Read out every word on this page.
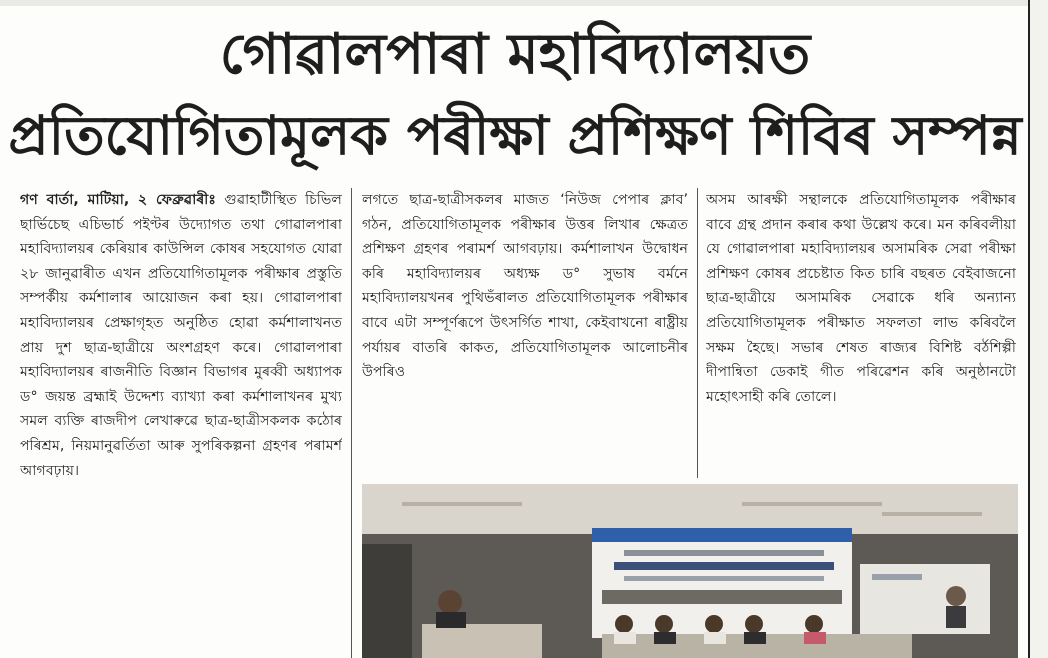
গোৱালপাৰা মহাবিদ্যালয়ত
প্ৰতিযোগিতামূলক পৰীক্ষা প্ৰশিক্ষণ শিবিৰ সম্পন্ন
গণ বাৰ্তা, মাটিয়া, ২ ফেব্ৰুৱাৰীঃ গুৱাহাটীস্থিত চিভিল ছাৰ্ভিচেছ এচিভাৰ্চ পইণ্টৰ উদ্যোগত তথা গোৱালপাৰা মহাবিদ্যালয়ৰ কেৰিয়াৰ কাউন্সিল কোষৰ সহযোগত যোৱা ২৮ জানুৱাৰীত এখন প্ৰতিযোগিতামূলক পৰীক্ষাৰ প্ৰস্তুতি সম্পৰ্কীয় কৰ্মশালাৰ আয়োজন কৰা হয়। গোৱালপাৰা মহাবিদ্যালয়ৰ প্ৰেক্ষাগৃহত অনুষ্ঠিত হোৱা কৰ্মশালাখনত প্ৰায় দুশ ছাত্ৰ-ছাত্ৰীয়ে অংশগ্ৰহণ কৰে। গোৱালপাৰা মহাবিদ্যালয়ৰ ৰাজনীতি বিজ্ঞান বিভাগৰ মুৰব্বী অধ্যাপক ড° জয়ন্ত ব্ৰহ্মাই উদ্দেশ্য ব্যাখ্যা কৰা কৰ্মশালাখনৰ মুখ্য সমল ব্যক্তি ৰাজদীপ লেখাৰুৱে ছাত্ৰ-ছাত্ৰীসকলক কঠোৰ পৰিশ্ৰম, নিয়মানুৱৰ্তিতা আৰু সুপৰিকল্পনা গ্ৰহণৰ পৰামৰ্শ আগবঢ়ায়।
লগতে ছাত্ৰ-ছাত্ৰীসকলৰ মাজত ‘নিউজ পেপাৰ ক্লাব’ গঠন, প্ৰতিযোগিতামূলক পৰীক্ষাৰ উত্তৰ লিখাৰ ক্ষেত্ৰত প্ৰশিক্ষণ গ্ৰহণৰ পৰামৰ্শ আগবঢ়ায়। কৰ্মশালাখন উদ্বোধন কৰি মহাবিদ্যালয়ৰ অধ্যক্ষ ড° সুভাষ বৰ্মনে মহাবিদ্যালয়খনৰ পুথিভঁৰালত প্ৰতিযোগিতামূলক পৰীক্ষাৰ বাবে এটা সম্পূৰ্ণৰূপে উৎসৰ্গিত শাখা, কেইবাখনো ৰাষ্ট্ৰীয় পৰ্যায়ৰ বাতৰি কাকত, প্ৰতিযোগিতামূলক আলোচনীৰ উপৰিও
অসম আৰক্ষী সন্থালকে প্ৰতিযোগিতামূলক পৰীক্ষাৰ বাবে গ্ৰন্থ প্ৰদান কৰাৰ কথা উল্লেখ কৰে। মন কৰিবলীয়া যে গোৱালপাৰা মহাবিদ্যালয়ৰ অসামৰিক সেৱা পৰীক্ষা প্ৰশিক্ষণ কোষৰ প্ৰচেষ্টাত কিত চাৰি বছৰত বেইবাজনো ছাত্ৰ-ছাত্ৰীয়ে অসামৰিক সেৱাকে ধৰি অন্যান্য প্ৰতিযোগিতামূলক পৰীক্ষাত সফলতা লাভ কৰিবলৈ সক্ষম হৈছে। সভাৰ শেষত ৰাজ্যৰ বিশিষ্ট বৰ্ঠশিল্পী দীপান্বিতা ডেকাই গীত পৰিৱেশন কৰি অনুষ্ঠানটো মহোৎসাহী কৰি তোলে।
